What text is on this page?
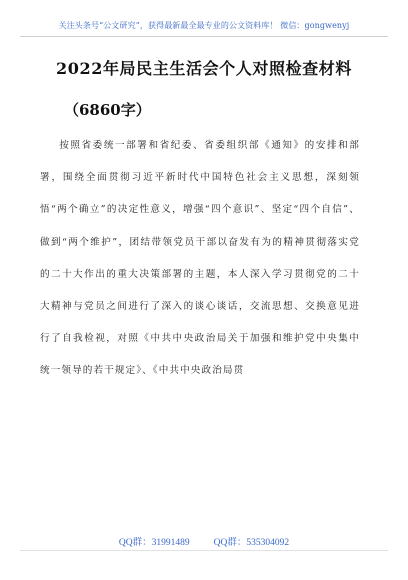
关注头条号“公文研究”，获得最新最全最专业的公文资料库！ 微信：gongwenyj
2022年局民主生活会个人对照检查材料
（6860字）

按照省委统一部署和省纪委、省委组织部《通知》的安排和部署，围绕全面贯彻习近平新时代中国特色社会主义思想，深刻领悟“两个确立”的决定性意义，增强“四个意识”、坚定“四个自信”、做到“两个维护”，团结带领党员干部以奋发有为的精神贯彻落实党的二十大作出的重大决策部署的主题，本人深入学习贯彻党的二十大精神与党员之间进行了深入的谈心谈话，交流思想、交换意见进行了自我检视，对照《中共中央政治局关于加强和维护党中央集中统一领导的若干规定》、《中共中央政治局贯

QQ群：31991489	QQ群：535304092
